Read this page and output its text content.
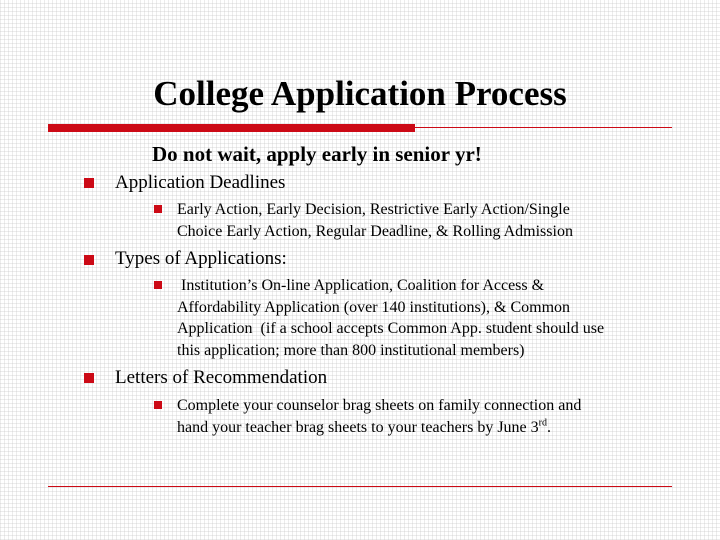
College Application Process
Do not wait, apply early in senior yr!
Application Deadlines
Early Action, Early Decision, Restrictive Early Action/Single
Choice Early Action, Regular Deadline, & Rolling Admission
Types of Applications:
Institution’s On-line Application, Coalition for Access &
Affordability Application (over 140 institutions), & Common
Application  (if a school accepts Common App. student should use
this application; more than 800 institutional members)
Letters of Recommendation
Complete your counselor brag sheets on family connection and
hand your teacher brag sheets to your teachers by June 3rd.
